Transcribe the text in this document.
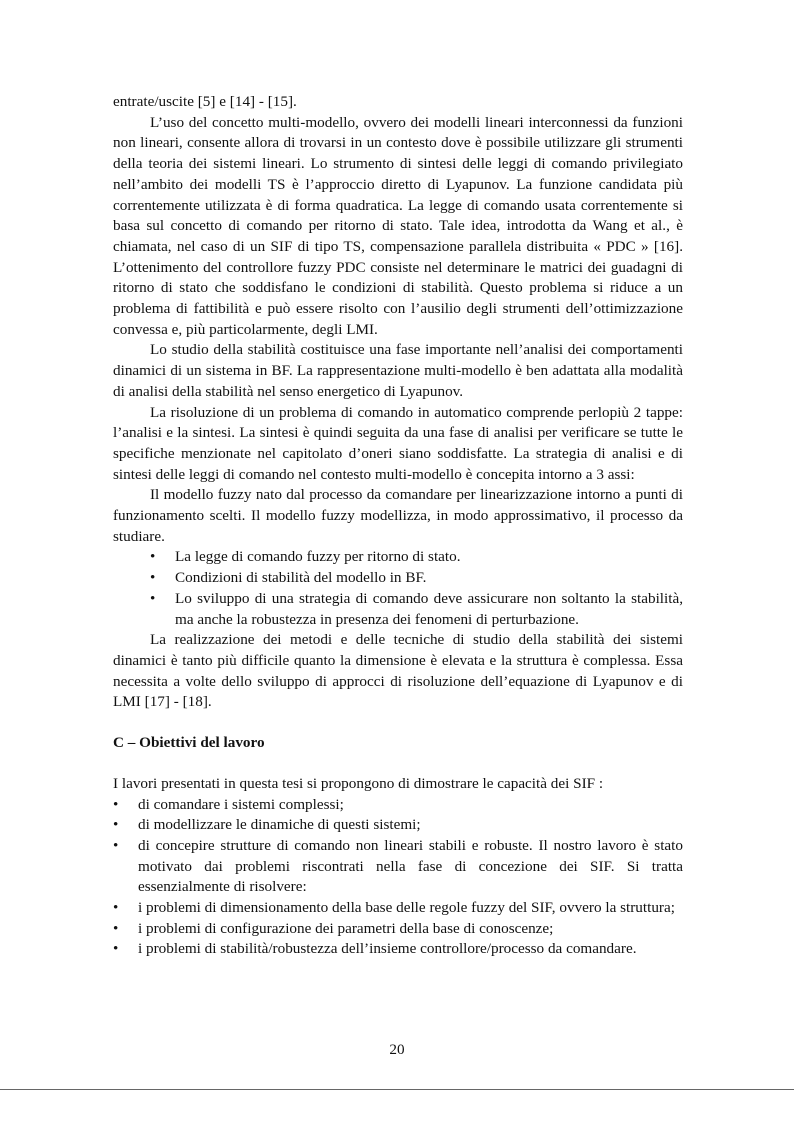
entrate/uscite [5] e [14] - [15].

L’uso del concetto multi-modello, ovvero dei modelli lineari interconnessi da funzioni non lineari, consente allora di trovarsi in un contesto dove è possibile utilizzare gli strumenti della teoria dei sistemi lineari. Lo strumento di sintesi delle leggi di comando privilegiato nell’ambito dei modelli TS è l’approccio diretto di Lyapunov. La funzione candidata più correntemente utilizzata è di forma quadratica. La legge di comando usata correntemente si basa sul concetto di comando per ritorno di stato. Tale idea, introdotta da Wang et al., è chiamata, nel caso di un SIF di tipo TS, compensazione parallela distribuita « PDC » [16]. L’ottenimento del controllore fuzzy PDC consiste nel determinare le matrici dei guadagni di ritorno di stato che soddisfano le condizioni di stabilità. Questo problema si riduce a un problema di fattibilità e può essere risolto con l’ausilio degli strumenti dell’ottimizzazione convessa e, più particolarmente, degli LMI.

Lo studio della stabilità costituisce una fase importante nell’analisi dei comportamenti dinamici di un sistema in BF. La rappresentazione multi-modello è ben adattata alla modalità di analisi della stabilità nel senso energetico di Lyapunov.

La risoluzione di un problema di comando in automatico comprende perlopiù 2 tappe: l’analisi e la sintesi. La sintesi è quindi seguita da una fase di analisi per verificare se tutte le specifiche menzionate nel capitolato d’oneri siano soddisfatte. La strategia di analisi e di sintesi delle leggi di comando nel contesto multi-modello è concepita intorno a 3 assi:

Il modello fuzzy nato dal processo da comandare per linearizzazione intorno a punti di funzionamento scelti. Il modello fuzzy modellizza, in modo approssimativo, il processo da studiare.

•	La legge di comando fuzzy per ritorno di stato.
•	Condizioni di stabilità del modello in BF.
•	Lo sviluppo di una strategia di comando deve assicurare non soltanto la stabilità, ma anche la robustezza in presenza dei fenomeni di perturbazione.

La realizzazione dei metodi e delle tecniche di studio della stabilità dei sistemi dinamici è tanto più difficile quanto la dimensione è elevata e la struttura è complessa. Essa necessita a volte dello sviluppo di approcci di risoluzione dell’equazione di Lyapunov e di LMI [17] - [18].

C – Obiettivi del lavoro

I lavori presentati in questa tesi si propongono di dimostrare le capacità dei SIF :

•	di comandare i sistemi complessi;
•	di modellizzare le dinamiche di questi sistemi;
•	di concepire strutture di comando non lineari stabili e robuste. Il nostro lavoro è stato motivato dai problemi riscontrati nella fase di concezione dei SIF. Si tratta essenzialmente di risolvere:
•	i problemi di dimensionamento della base delle regole fuzzy del SIF, ovvero la struttura;
•	i problemi di configurazione dei parametri della base di conoscenze;
•	i problemi di stabilità/robustezza dell’insieme controllore/processo da comandare.
20
